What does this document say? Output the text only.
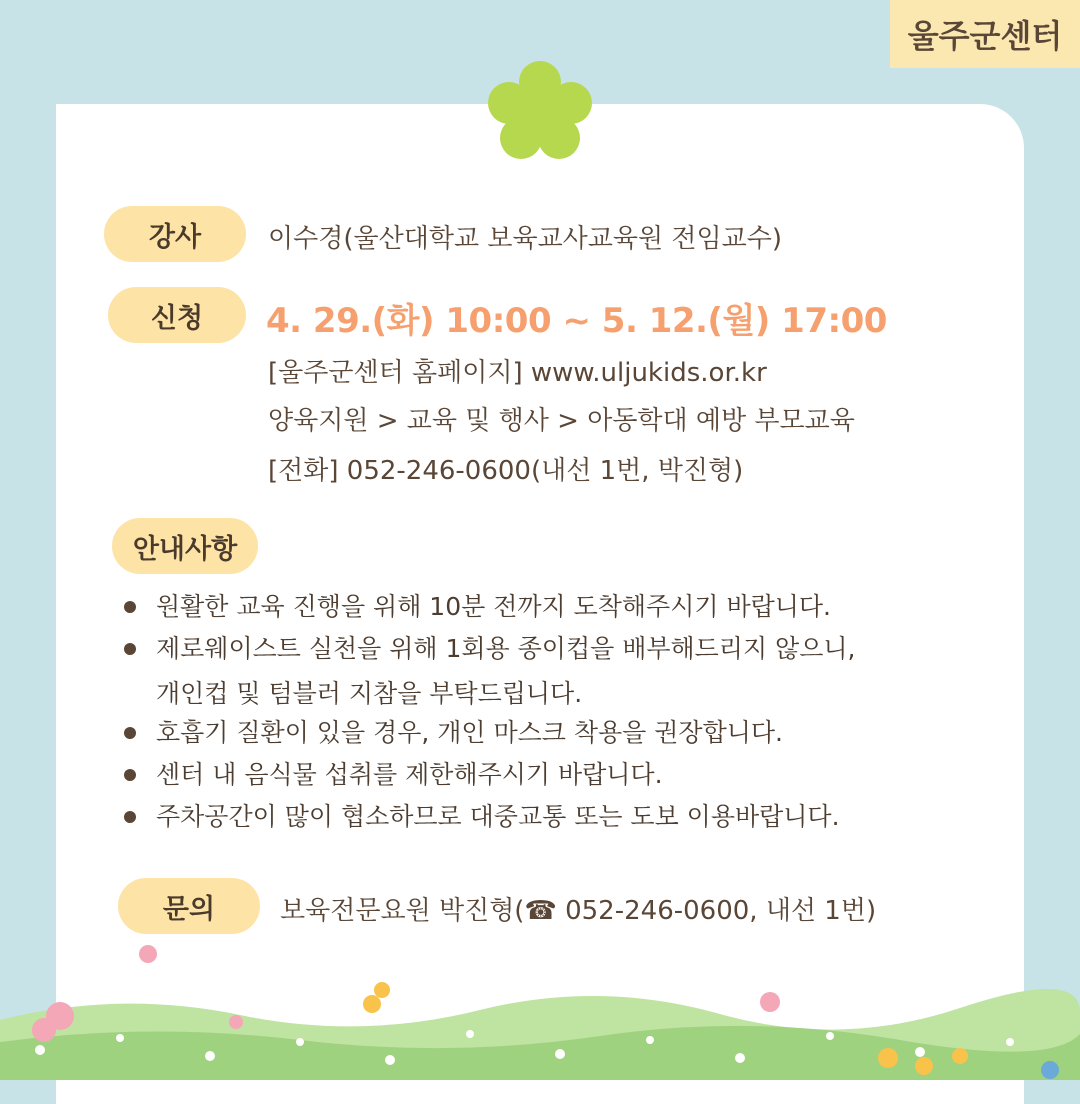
울주군센터
강사	이수경(울산대학교 보육교사교육원 전임교수)
신청	4. 29.(화) 10:00 ~ 5. 12.(월) 17:00
[울주군센터 홈페이지] www.uljukids.or.kr
양육지원 > 교육 및 행사 > 아동학대 예방 부모교육
[전화] 052-246-0600(내선 1번, 박진형)
안내사항
원활한 교육 진행을 위해 10분 전까지 도착해주시기 바랍니다.
제로웨이스트 실천을 위해 1회용 종이컵을 배부해드리지 않으니,
호흡기 질환이 있을 경우, 개인 마스크 착용을 권장합니다.
센터 내 음식물 섭취를 제한해주시기 바랍니다.
주차공간이 많이 협소하므로 대중교통 또는 도보 이용바랍니다.
개인컵 및 텀블러 지참을 부탁드립니다.
문의	보육전문요원 박진형(☎ 052-246-0600, 내선 1번)
